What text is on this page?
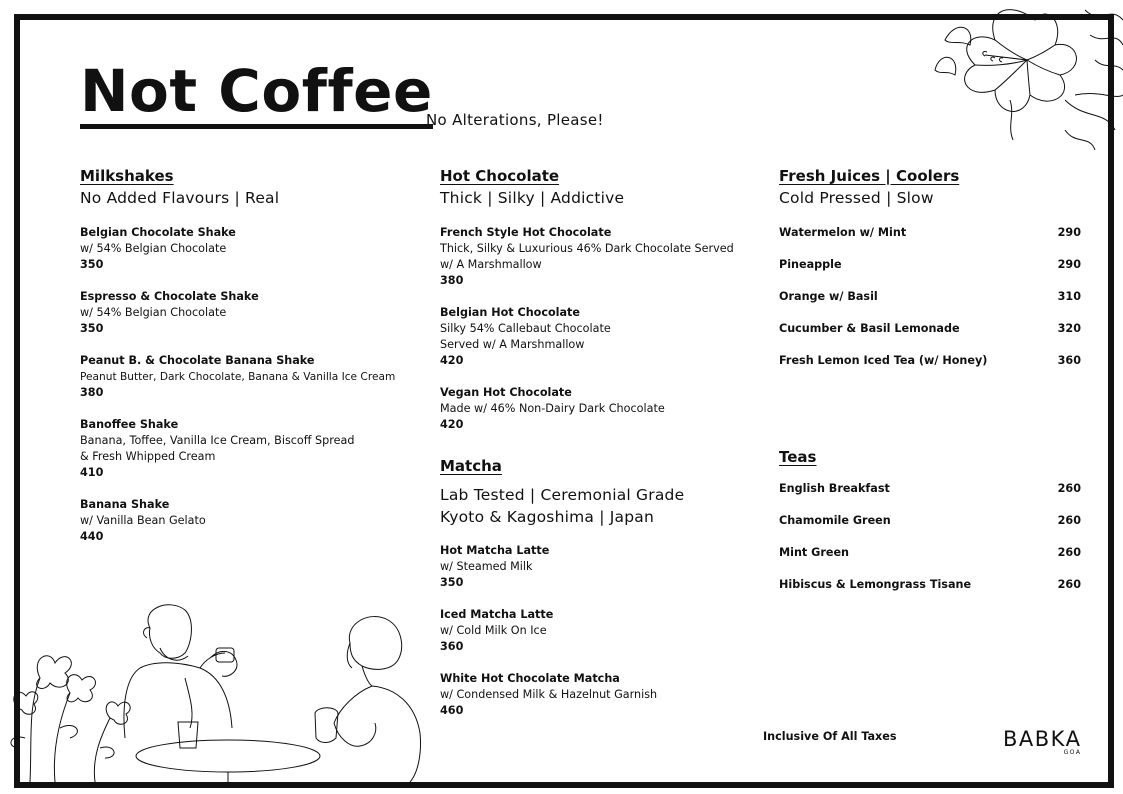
Not Coffee
No Alterations, Please!
Milkshakes
No Added Flavours | Real
Belgian Chocolate Shake
w/ 54% Belgian Chocolate
350
Espresso & Chocolate Shake
w/ 54% Belgian Chocolate
350
Peanut B. & Chocolate Banana Shake
Peanut Butter, Dark Chocolate, Banana & Vanilla Ice Cream
380
Banoffee Shake
Banana, Toffee, Vanilla Ice Cream, Biscoff Spread
& Fresh Whipped Cream
410
Banana Shake
w/ Vanilla Bean Gelato
440
Hot Chocolate
Thick | Silky | Addictive
French Style Hot Chocolate
Thick, Silky & Luxurious 46% Dark Chocolate Served
w/ A Marshmallow
380
Belgian Hot Chocolate
Silky 54% Callebaut Chocolate
Served w/ A Marshmallow
420
Vegan Hot Chocolate
Made w/ 46% Non-Dairy Dark Chocolate
420
Matcha
Lab Tested | Ceremonial Grade
Kyoto & Kagoshima | Japan
Hot Matcha Latte
w/ Steamed Milk
350
Iced Matcha Latte
w/ Cold Milk On Ice
360
White Hot Chocolate Matcha
w/ Condensed Milk & Hazelnut Garnish
460
Fresh Juices | Coolers
Cold Pressed | Slow
Watermelon w/ Mint	290
Pineapple	290
Orange w/ Basil	310
Cucumber & Basil Lemonade	320
Fresh Lemon Iced Tea (w/ Honey)	360
Teas
English Breakfast	260
Chamomile Green	260
Mint Green	260
Hibiscus & Lemongrass Tisane	260
Inclusive Of All Taxes	BABKA
GOA
